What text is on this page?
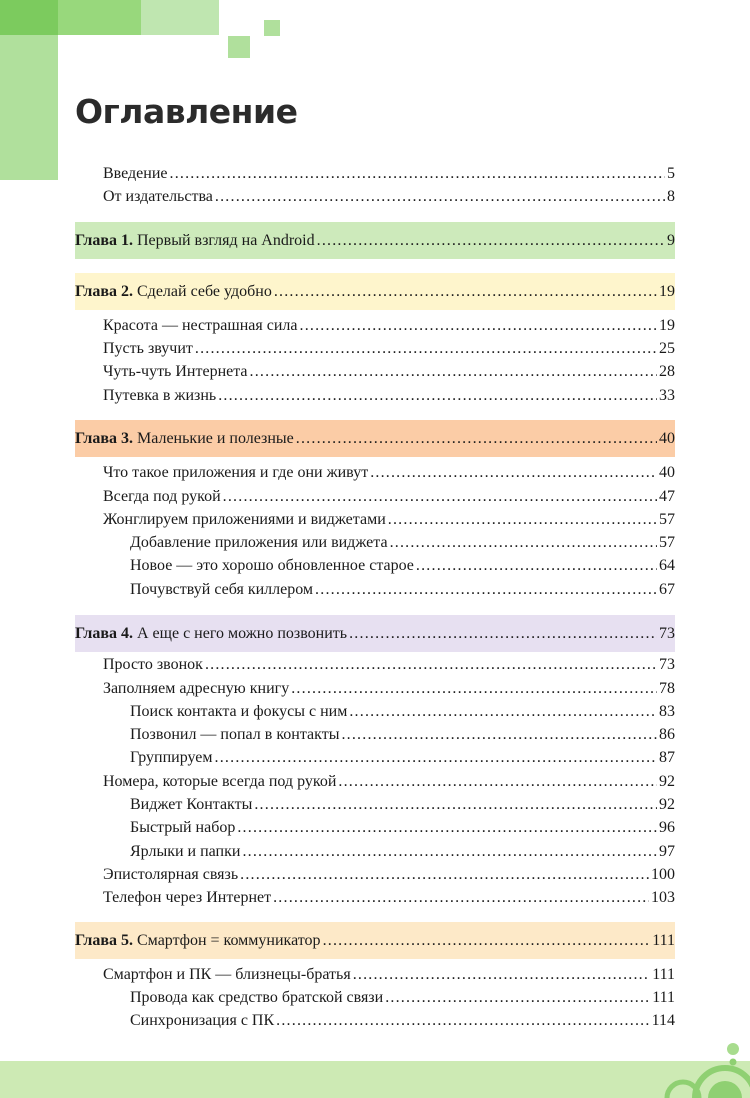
Оглавление
Введение .....	5
От издательства .....	8
Глава 1. Первый взгляд на Android .....	9
Глава 2. Сделай себе удобно .....	19
Красота — нестрашная сила .....	19
Пусть звучит .....	25
Чуть-чуть Интернета .....	28
Путевка в жизнь .....	33
Глава 3. Маленькие и полезные .....	40
Что такое приложения и где они живут .....	40
Всегда под рукой .....	47
Жонглируем приложениями и виджетами .....	57
Добавление приложения или виджета .....	57
Новое — это хорошо обновленное старое .....	64
Почувствуй себя киллером .....	67
Глава 4. А еще с него можно позвонить .....	73
Просто звонок .....	73
Заполняем адресную книгу .....	78
Поиск контакта и фокусы с ним .....	83
Позвонил — попал в контакты .....	86
Группируем .....	87
Номера, которые всегда под рукой .....	92
Виджет Контакты .....	92
Быстрый набор .....	96
Ярлыки и папки .....	97
Эпистолярная связь .....	100
Телефон через Интернет .....	103
Глава 5. Смартфон = коммуникатор .....	111
Смартфон и ПК — близнецы-братья .....	111
Провода как средство братской связи .....	111
Синхронизация с ПК .....	114
